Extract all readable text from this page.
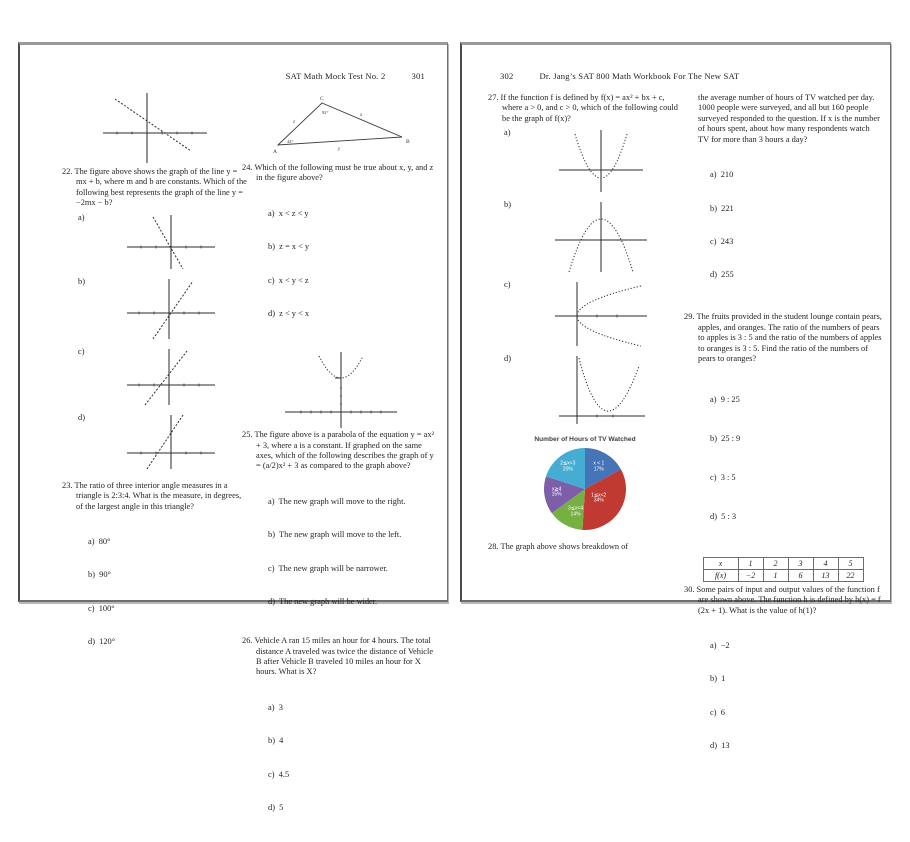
SAT Math Mock Test No. 2	301

22. The figure above shows the graph of the line y = mx + b, where m and b are constants. Which of the following best represents the graph of the line y = −2mx − b?

a)
b)
c)
d)

23. The ratio of three interior angle measures in a triangle is 2:3:4. What is the measure, in degrees, of the largest angle in this triangle?

a)  80°

b)  90°

c)  100°

d)  120°

C
92°
x
z
44°
A
B
y

24. Which of the following must be true about x, y, and z in the figure above?

a)  x < z < y

b)  z = x < y

c)  x < y < z

d)  z < y < x

25. The figure above is a parabola of the equation y = ax² + 3, where a is a constant. If graphed on the same axes, which of the following describes the graph of y = (a/2)x² + 3 as compared to the graph above?

a)  The new graph will move to the right.

b)  The new graph will move to the left.

c)  The new graph will be narrower.

d)  The new graph will be wider.

26. Vehicle A ran 15 miles an hour for 4 hours. The total distance A traveled was twice the distance of Vehicle B after Vehicle B traveled 10 miles an hour for X hours. What is X?

a)  3

b)  4

c)  4.5

d)  5

302	Dr. Jang’s SAT 800 Math Workbook For The New SAT

27. If the function f is defined by f(x) = ax² + bx + c, where a > 0, and c > 0, which of the following could be the graph of f(x)?

a)
b)
c)
d)
Number of Hours of TV Watched
x < 1
17%
1≦x<2
34%
3≦x<4
14%
x≧4
15%
2≦x<3
20%

28. The graph above shows breakdown of

the average number of hours of TV watched per day. 1000 people were surveyed, and all but 160 people surveyed responded to the question. If x is the number of hours spent, about how many respondents watch TV for more than 3 hours a day?

a)  210

b)  221

c)  243

d)  255

29. The fruits provided in the student lounge contain pears, apples, and oranges. The ratio of the numbers of pears to apples is 3 : 5 and the ratio of the numbers of apples to oranges is 3 : 5. Find the ratio of the numbers of pears to oranges?

a)  9 : 25

b)  25 : 9

c)  3 : 5

d)  5 : 3

x	1	2	3	4	5
f(x)	−2	1	6	13	22

30. Some pairs of input and output values of the function f are shown above. The function h is defined by h(x) = f (2x + 1). What is the value of h(1)?

a)  −2

b)  1

c)  6

d)  13
